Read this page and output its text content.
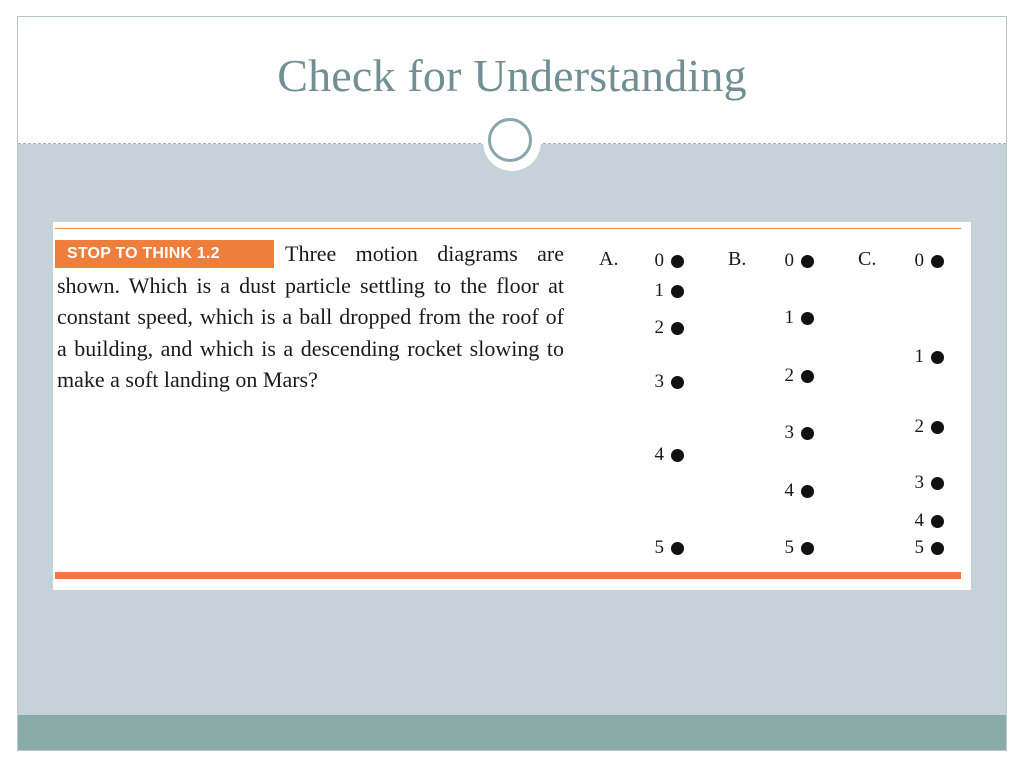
Check for Understanding
STOP TO THINK 1.2	Three motion diagrams are shown. Which is a dust particle settling to the floor at constant speed, which is a ball dropped from the roof of a building, and which is a descending rocket slowing to make a soft landing on Mars?
A. 0
1
2
3
4
5
B. 0
1
2
3
4
5
C. 0
1
2
3
4
5
